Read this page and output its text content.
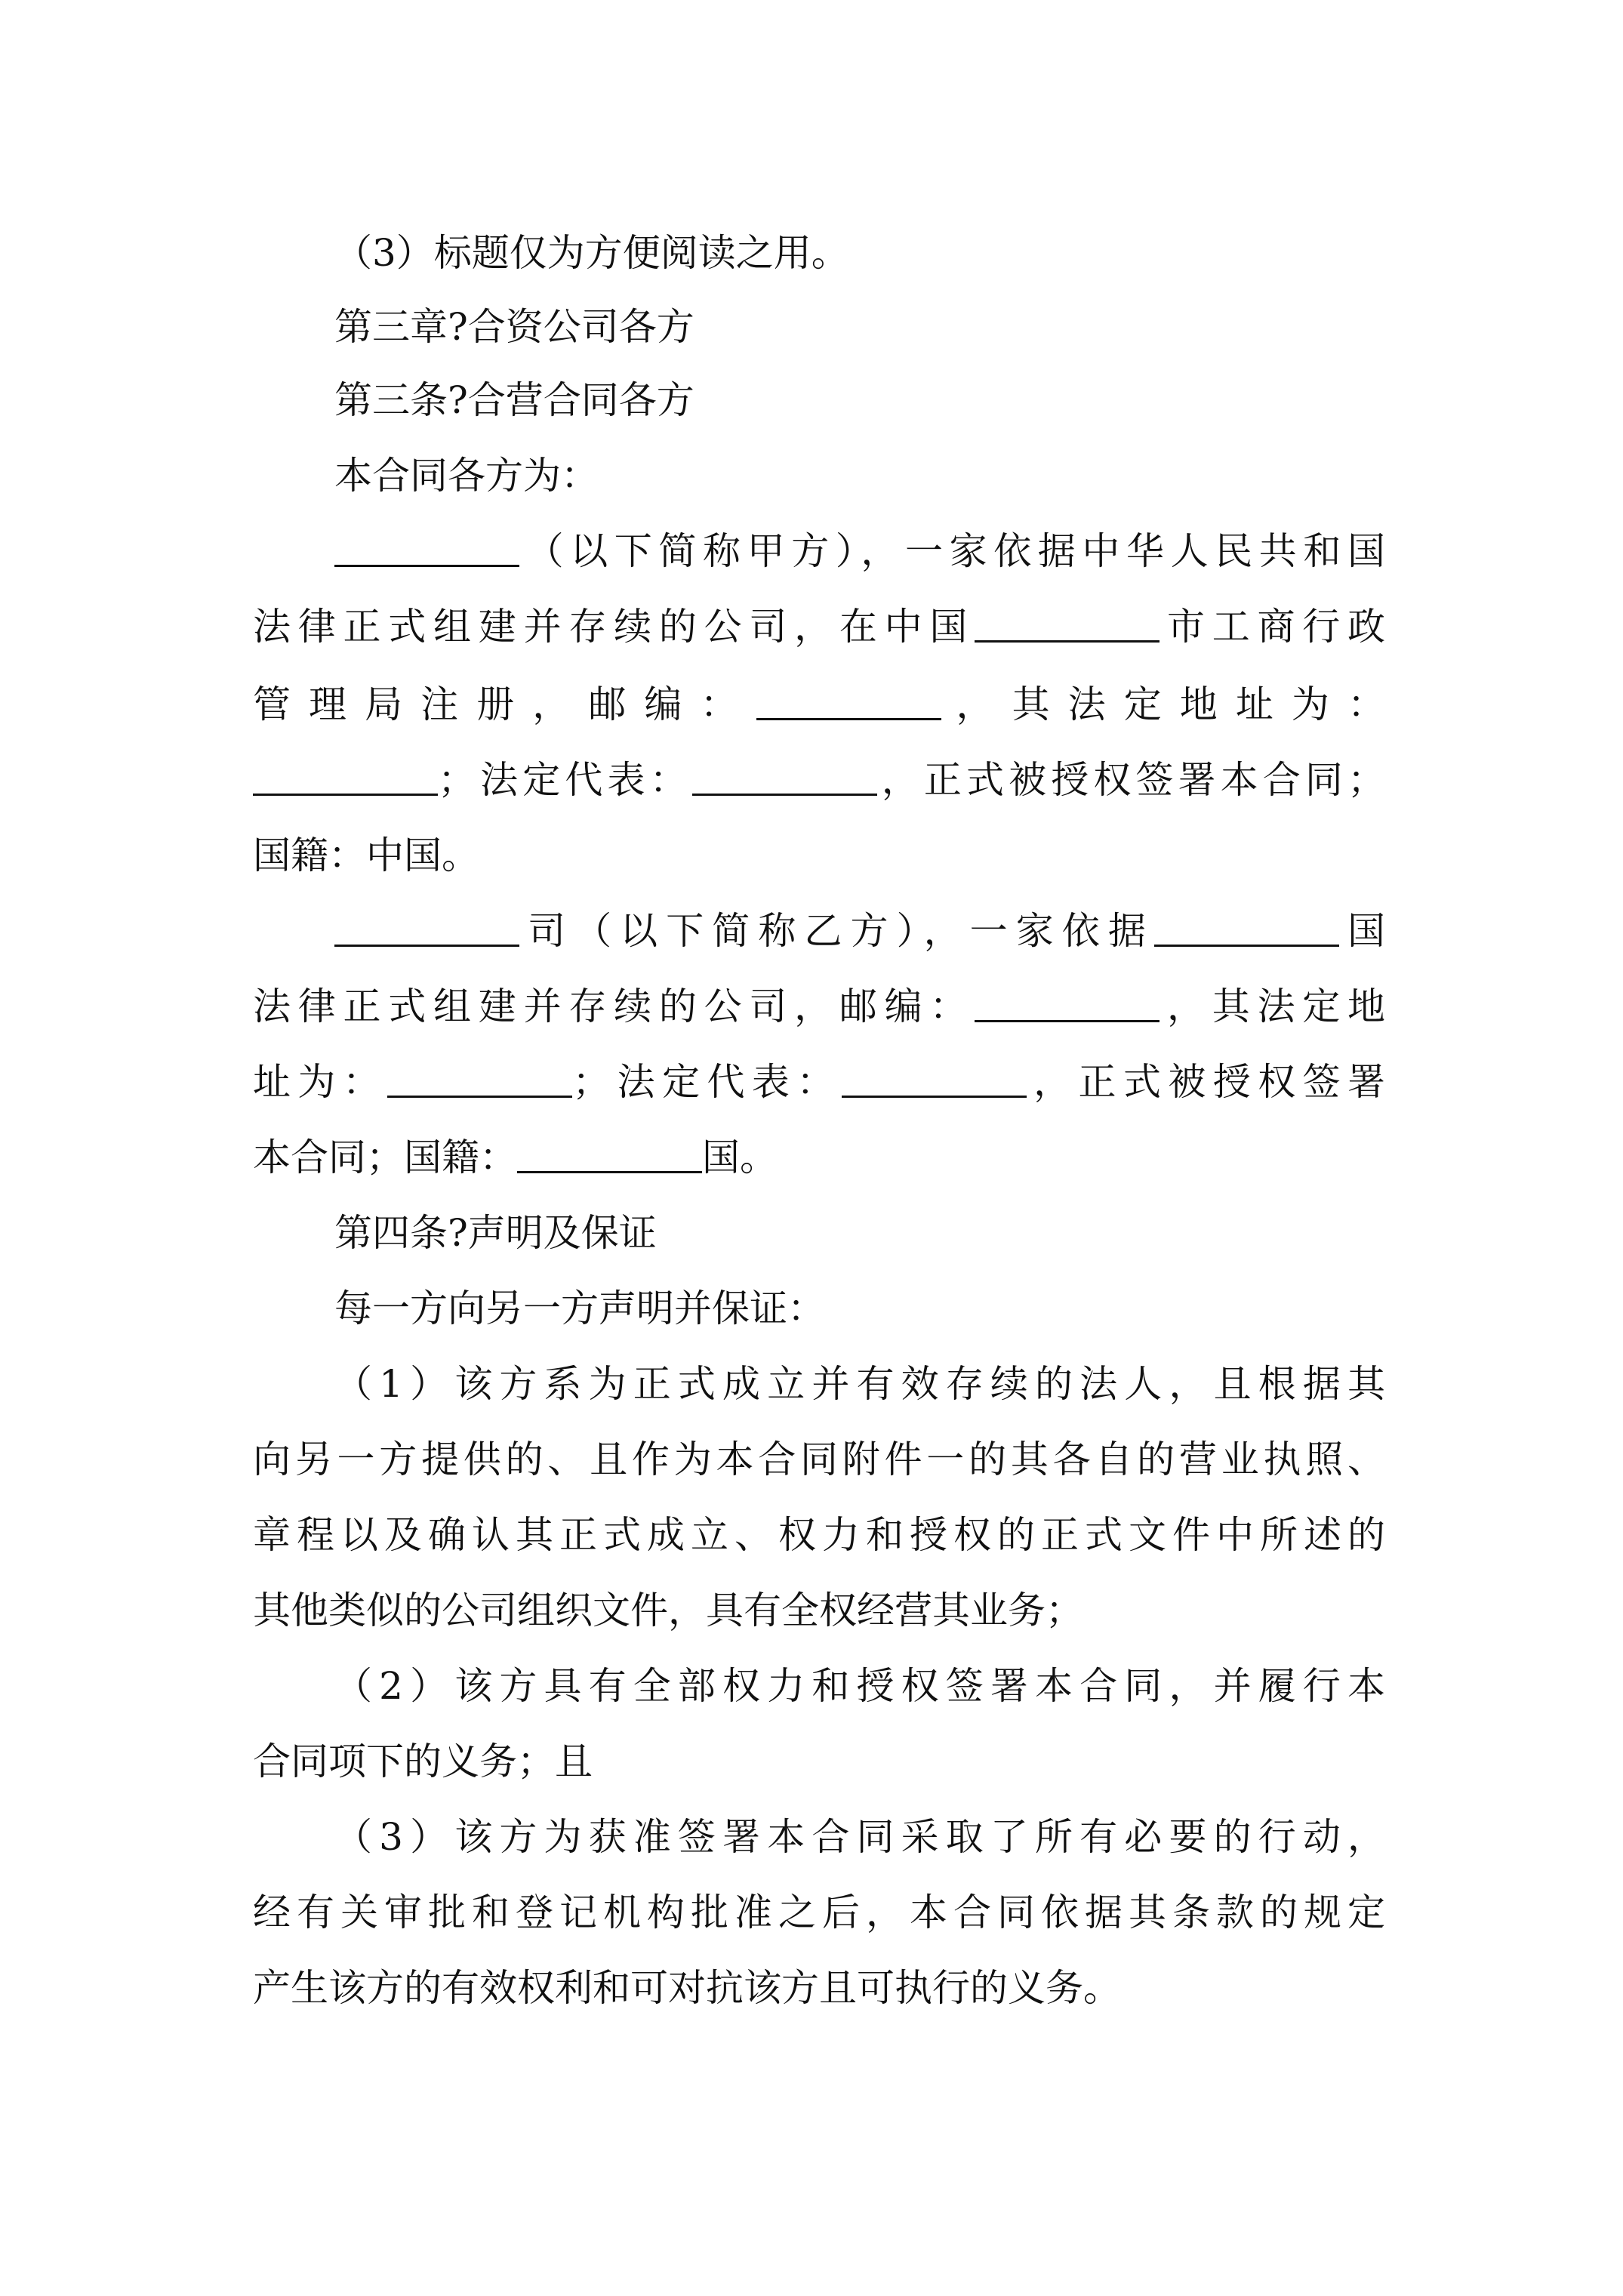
（3）标题仅为方便阅读之用。
第三章?合资公司各方
第三条?合营合同各方
本合同各方为：
（以下简称甲方），一家依据中华人民共和国
法律正式组建并存续的公司，在中国	市工商行政
管 理 局 注 册 ， 邮 编 ：	， 其 法 定 地 址 为 ：
；法定代表：	，正式被授权签署本合同；
国籍：中国。
司（以下简称乙方），一家依据	国
法律正式组建并存续的公司，邮编：	，其法定地
址为：	；法定代表：	，正式被授权签署
本合同；国籍：	国。
第四条?声明及保证
每一方向另一方声明并保证：
（1）该方系为正式成立并有效存续的法人，且根据其
向另一方提供的、且作为本合同附件一的其各自的营业执照、
章程以及确认其正式成立、权力和授权的正式文件中所述的
其他类似的公司组织文件，具有全权经营其业务；
（2）该方具有全部权力和授权签署本合同，并履行本
合同项下的义务；且
（3）该方为获准签署本合同采取了所有必要的行动，
经有关审批和登记机构批准之后，本合同依据其条款的规定
产生该方的有效权利和可对抗该方且可执行的义务。
